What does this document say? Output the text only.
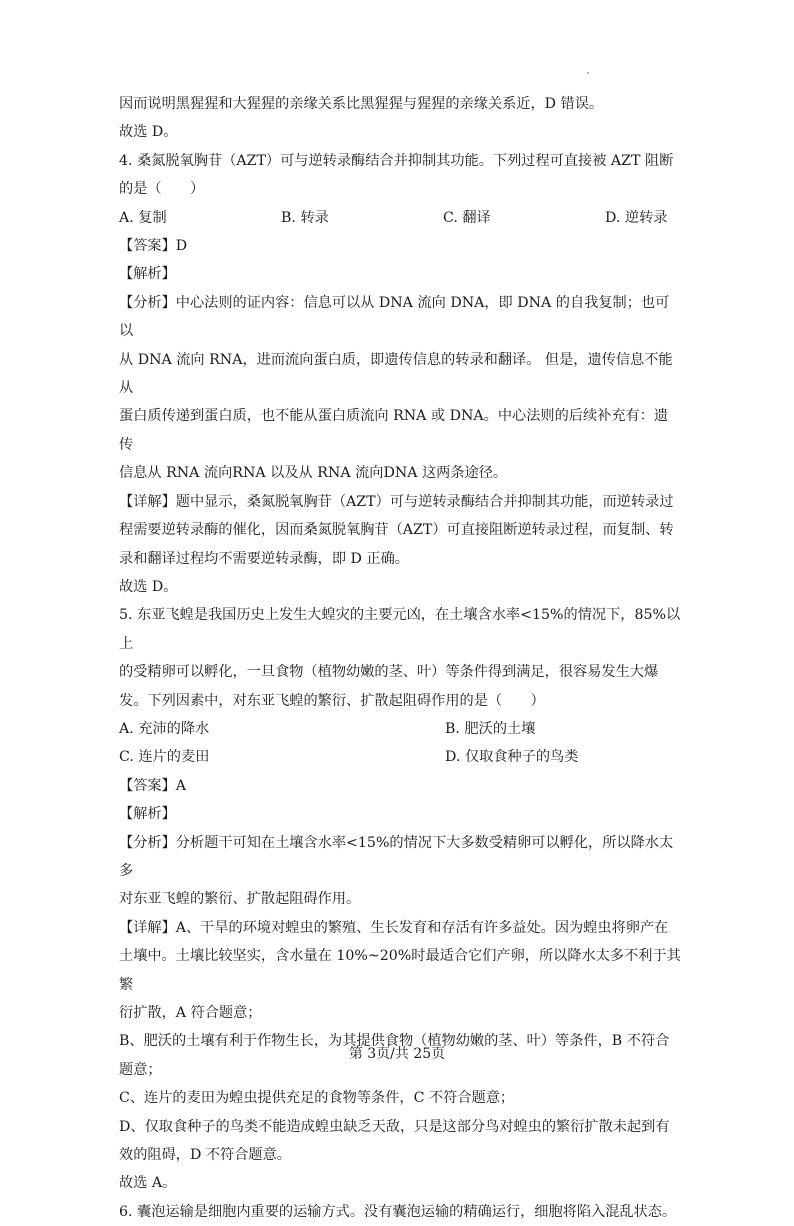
因而说明黑猩猩和大猩猩的亲缘关系比黑猩猩与猩猩的亲缘关系近，D 错误。

故选 D。

4. 桑氮脱氧胸苷（AZT）可与逆转录酶结合并抑制其功能。下列过程可直接被 AZT 阻断

的是（　　）

A. 复制	B. 转录	C. 翻译	D. 逆转录

【答案】D

【解析】

【分析】中心法则的证内容：信息可以从 DNA 流向 DNA，即 DNA 的自我复制；也可以

从 DNA 流向 RNA，进而流向蛋白质，即遗传信息的转录和翻译。 但是，遗传信息不能从

蛋白质传递到蛋白质，也不能从蛋白质流向 RNA 或 DNA。中心法则的后续补充有：遗传

信息从 RNA 流向RNA 以及从 RNA 流向DNA 这两条途径。

【详解】题中显示，桑氮脱氧胸苷（AZT）可与逆转录酶结合并抑制其功能，而逆转录过

程需要逆转录酶的催化，因而桑氮脱氧胸苷（AZT）可直接阻断逆转录过程，而复制、转

录和翻译过程均不需要逆转录酶，即 D 正确。

故选 D。

5. 东亚飞蝗是我国历史上发生大蝗灾的主要元凶，在土壤含水率<15%的情况下，85%以上

的受精卵可以孵化，一旦食物（植物幼嫩的茎、叶）等条件得到满足，很容易发生大爆

发。下列因素中，对东亚飞蝗的繁衍、扩散起阻碍作用的是（　　）

A. 充沛的降水	B. 肥沃的土壤
C. 连片的麦田	D. 仅取食种子的鸟类

【答案】A

【解析】

【分析】分析题干可知在土壤含水率<15%的情况下大多数受精卵可以孵化，所以降水太多

对东亚飞蝗的繁衍、扩散起阻碍作用。

【详解】A、干旱的环境对蝗虫的繁殖、生长发育和存活有许多益处。因为蝗虫将卵产在

土壤中。土壤比较坚实，含水量在 10%~20%时最适合它们产卵，所以降水太多不利于其繁

衍扩散，A 符合题意；

B、肥沃的土壤有利于作物生长，为其提供食物（植物幼嫩的茎、叶）等条件，B 不符合

题意；

C、连片的麦田为蝗虫提供充足的食物等条件，C 不符合题意；

D、仅取食种子的鸟类不能造成蝗虫缺乏天敌，只是这部分鸟对蝗虫的繁衍扩散未起到有

效的阻碍，D 不符合题意。

故选 A。

6. 囊泡运输是细胞内重要的运输方式。没有囊泡运输的精确运行，细胞将陷入混乱状态。

第 3页/共 25页
